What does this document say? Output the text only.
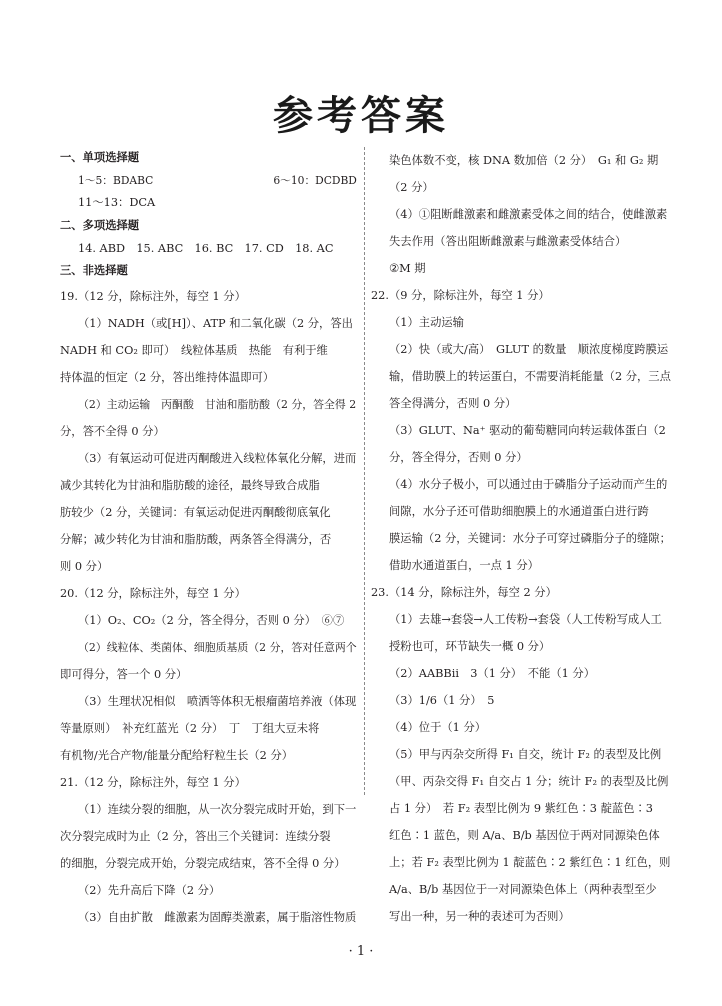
参考答案
一、单项选择题
1～5：BDABC	6～10：DCDBD
11～13：DCA
二、多项选择题
14. ABD　15. ABC　16. BC　17. CD　18. AC
三、非选择题
19.（12 分，除标注外，每空 1 分）
（1）NADH（或[H]）、ATP 和二氧化碳（2 分，答出
NADH 和 CO₂ 即可）　线粒体基质　热能　有利于维
持体温的恒定（2 分，答出维持体温即可）
（2）主动运输　丙酮酸　甘油和脂肪酸（2 分，答全得 2
分，答不全得 0 分）
（3）有氧运动可促进丙酮酸进入线粒体氧化分解，进而
减少其转化为甘油和脂肪酸的途径，最终导致合成脂
肪较少（2 分，关键词：有氧运动促进丙酮酸彻底氧化
分解；减少转化为甘油和脂肪酸，两条答全得满分，否
则 0 分）
20.（12 分，除标注外，每空 1 分）
（1）O₂、CO₂（2 分，答全得分，否则 0 分）　⑥⑦
（2）线粒体、类菌体、细胞质基质（2 分，答对任意两个
即可得分，答一个 0 分）
（3）生理状况相似　喷洒等体积无根瘤菌培养液（体现
等量原则）　补充红蓝光（2 分）　丁　丁组大豆未将
有机物/光合产物/能量分配给籽粒生长（2 分）
21.（12 分，除标注外，每空 1 分）
（1）连续分裂的细胞，从一次分裂完成时开始，到下一
次分裂完成时为止（2 分，答出三个关键词：连续分裂
的细胞，分裂完成开始，分裂完成结束，答不全得 0 分）
（2）先升高后下降（2 分）
（3）自由扩散　雌激素为固醇类激素，属于脂溶性物质
染色体数不变，核 DNA 数加倍（2 分）　G₁ 和 G₂ 期
（2 分）
（4）①阻断雌激素和雌激素受体之间的结合，使雌激素
失去作用（答出阻断雌激素与雌激素受体结合）
②M 期
22.（9 分，除标注外，每空 1 分）
（1）主动运输
（2）快（或大/高）　GLUT 的数量　顺浓度梯度跨膜运
输，借助膜上的转运蛋白，不需要消耗能量（2 分，三点
答全得满分，否则 0 分）
（3）GLUT、Na⁺ 驱动的葡萄糖同向转运载体蛋白（2
分，答全得分，否则 0 分）
（4）水分子极小，可以通过由于磷脂分子运动而产生的
间隙，水分子还可借助细胞膜上的水通道蛋白进行跨
膜运输（2 分，关键词：水分子可穿过磷脂分子的缝隙；
借助水通道蛋白，一点 1 分）
23.（14 分，除标注外，每空 2 分）
（1）去雄→套袋→人工传粉→套袋（人工传粉写成人工
授粉也可，环节缺失一概 0 分）
（2）AABBii　3（1 分）　不能（1 分）
（3）1/6（1 分）　5
（4）位于（1 分）
（5）甲与丙杂交所得 F₁ 自交，统计 F₂ 的表型及比例
（甲、丙杂交得 F₁ 自交占 1 分；统计 F₂ 的表型及比例
占 1 分）　若 F₂ 表型比例为 9 紫红色∶3 靛蓝色∶3
红色∶1 蓝色，则 A/a、B/b 基因位于两对同源染色体
上；若 F₂ 表型比例为 1 靛蓝色∶2 紫红色∶1 红色，则
A/a、B/b 基因位于一对同源染色体上（两种表型至少
写出一种，另一种的表述可为否则）
· 1 ·
